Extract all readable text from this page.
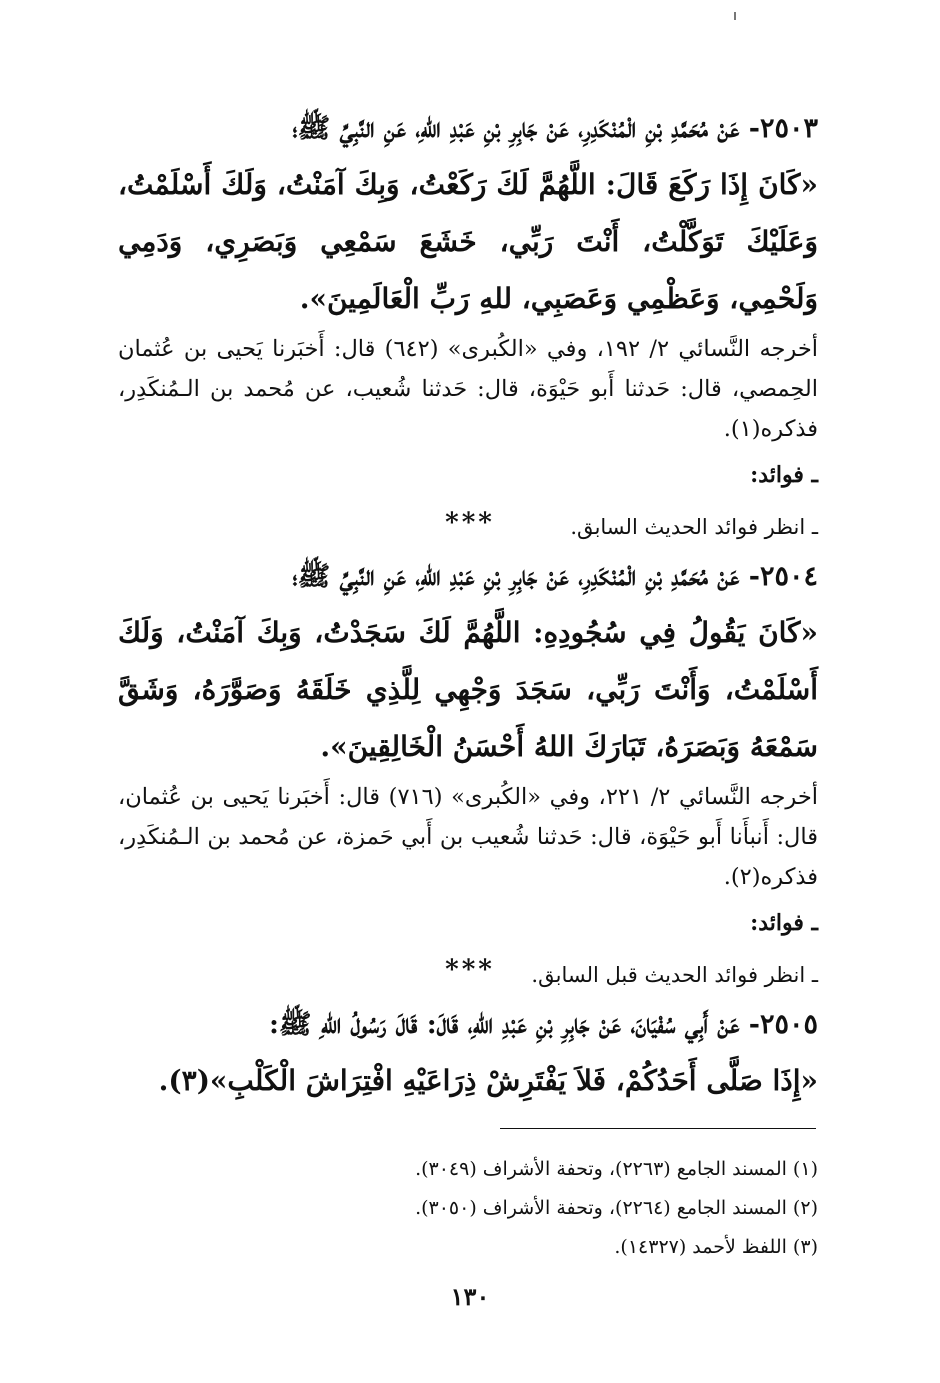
٢٥٠٣- عَنْ مُحَمَّدِ بْنِ الْمُنْكَدِرِ، عَنْ جَابِرِ بْنِ عَبْدِ اللهِ، عَنِ النَّبِيِّ ﷺ؛
«كَانَ إِذَا رَكَعَ قَالَ: اللَّهُمَّ لَكَ رَكَعْتُ، وَبِكَ آمَنْتُ، وَلَكَ أَسْلَمْتُ، وَعَلَيْكَ تَوَكَّلْتُ، أَنْتَ رَبِّي، خَشَعَ سَمْعِي وَبَصَرِي، وَدَمِي وَلَحْمِي، وَعَظْمِي وَعَصَبِي، للهِ رَبِّ الْعَالَمِينَ».
أخرجه النَّسائي ٢/ ١٩٢، وفي «الكُبرى» (٦٤٢) قال: أَخبَرنا يَحيى بن عُثمان الحِمصي، قال: حَدثنا أَبو حَيْوَة، قال: حَدثنا شُعيب، عن مُحمد بن الـمُنكَدِر، فذكره(١).
ـ فوائد:
ـ انظر فوائد الحديث السابق.
***
٢٥٠٤- عَنْ مُحَمَّدِ بْنِ الْمُنْكَدِرِ، عَنْ جَابِرِ بْنِ عَبْدِ اللهِ، عَنِ النَّبِيِّ ﷺ؛
«كَانَ يَقُولُ فِي سُجُودِهِ: اللَّهُمَّ لَكَ سَجَدْتُ، وَبِكَ آمَنْتُ، وَلَكَ أَسْلَمْتُ، وَأَنْتَ رَبِّي، سَجَدَ وَجْهِي لِلَّذِي خَلَقَهُ وَصَوَّرَهُ، وَشَقَّ سَمْعَهُ وَبَصَرَهُ، تَبَارَكَ اللهُ أَحْسَنُ الْخَالِقِينَ».
أخرجه النَّسائي ٢/ ٢٢١، وفي «الكُبرى» (٧١٦) قال: أَخبَرنا يَحيى بن عُثمان، قال: أَنبأَنا أَبو حَيْوَة، قال: حَدثنا شُعيب بن أَبي حَمزة، عن مُحمد بن الـمُنكَدِر، فذكره(٢).
ـ فوائد:
ـ انظر فوائد الحديث قبل السابق.
***
٢٥٠٥- عَنْ أَبِي سُفْيَانَ، عَنْ جَابِرِ بْنِ عَبْدِ اللهِ، قَالَ: قَالَ رَسُولُ اللهِ ﷺ:
«إِذَا صَلَّى أَحَدُكُمْ، فَلاَ يَفْتَرِشْ ذِرَاعَيْهِ افْتِرَاشَ الْكَلْبِ»(٣).
(١) المسند الجامع (٢٢٦٣)، وتحفة الأشراف (٣٠٤٩).
(٢) المسند الجامع (٢٢٦٤)، وتحفة الأشراف (٣٠٥٠).
(٣) اللفظ لأحمد (١٤٣٢٧).
١٣٠
